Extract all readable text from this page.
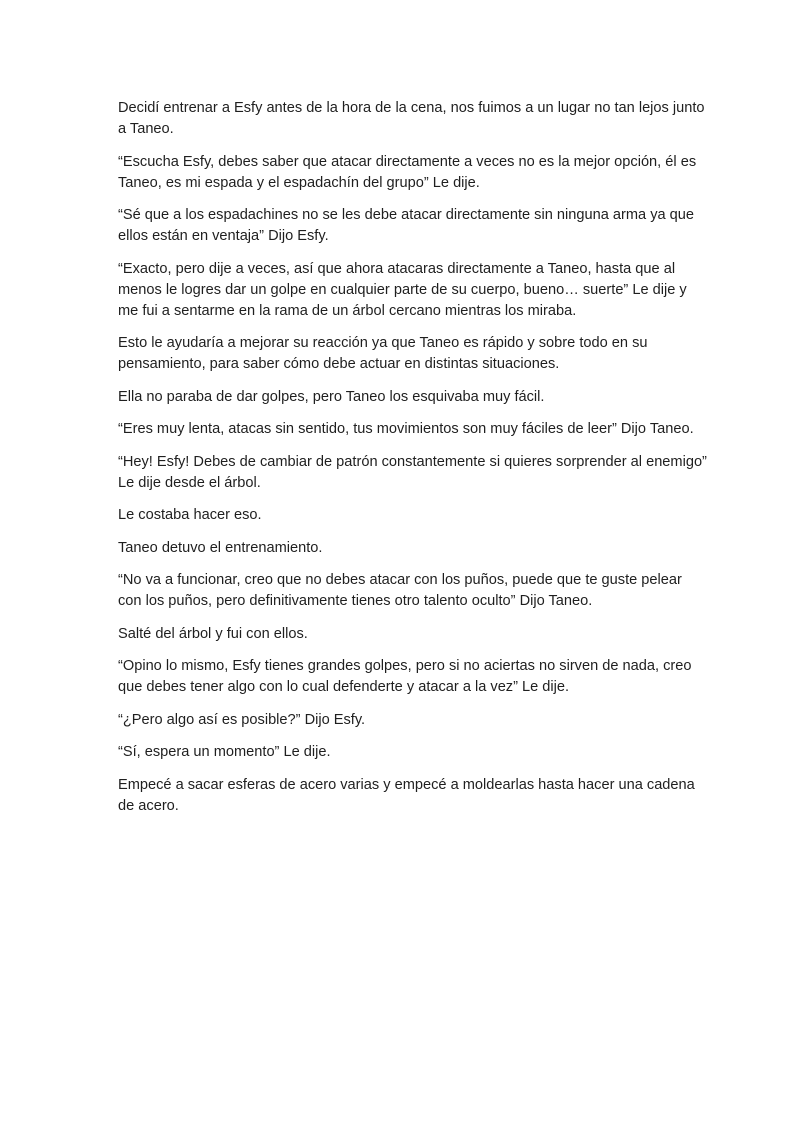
Decidí entrenar a Esfy antes de la hora de la cena, nos fuimos a un lugar no tan lejos junto a Taneo.

“Escucha Esfy, debes saber que atacar directamente a veces no es la mejor opción, él es Taneo, es mi espada y el espadachín del grupo” Le dije.

“Sé que a los espadachines no se les debe atacar directamente sin ninguna arma ya que ellos están en ventaja” Dijo Esfy.

“Exacto, pero dije a veces, así que ahora atacaras directamente a Taneo, hasta que al menos le logres dar un golpe en cualquier parte de su cuerpo, bueno… suerte” Le dije y me fui a sentarme en la rama de un árbol cercano mientras los miraba.

Esto le ayudaría a mejorar su reacción ya que Taneo es rápido y sobre todo en su pensamiento, para saber cómo debe actuar en distintas situaciones.

Ella no paraba de dar golpes, pero Taneo los esquivaba muy fácil.

“Eres muy lenta, atacas sin sentido, tus movimientos son muy fáciles de leer” Dijo Taneo.

“Hey! Esfy! Debes de cambiar de patrón constantemente si quieres sorprender al enemigo” Le dije desde el árbol.

Le costaba hacer eso.

Taneo detuvo el entrenamiento.

“No va a funcionar, creo que no debes atacar con los puños, puede que te guste pelear con los puños, pero definitivamente tienes otro talento oculto” Dijo Taneo.

Salté del árbol y fui con ellos.

“Opino lo mismo, Esfy tienes grandes golpes, pero si no aciertas no sirven de nada, creo que debes tener algo con lo cual defenderte y atacar a la vez” Le dije.

“¿Pero algo así es posible?” Dijo Esfy.

“Sí, espera un momento” Le dije.

Empecé a sacar esferas de acero varias y empecé a moldearlas hasta hacer una cadena de acero.
